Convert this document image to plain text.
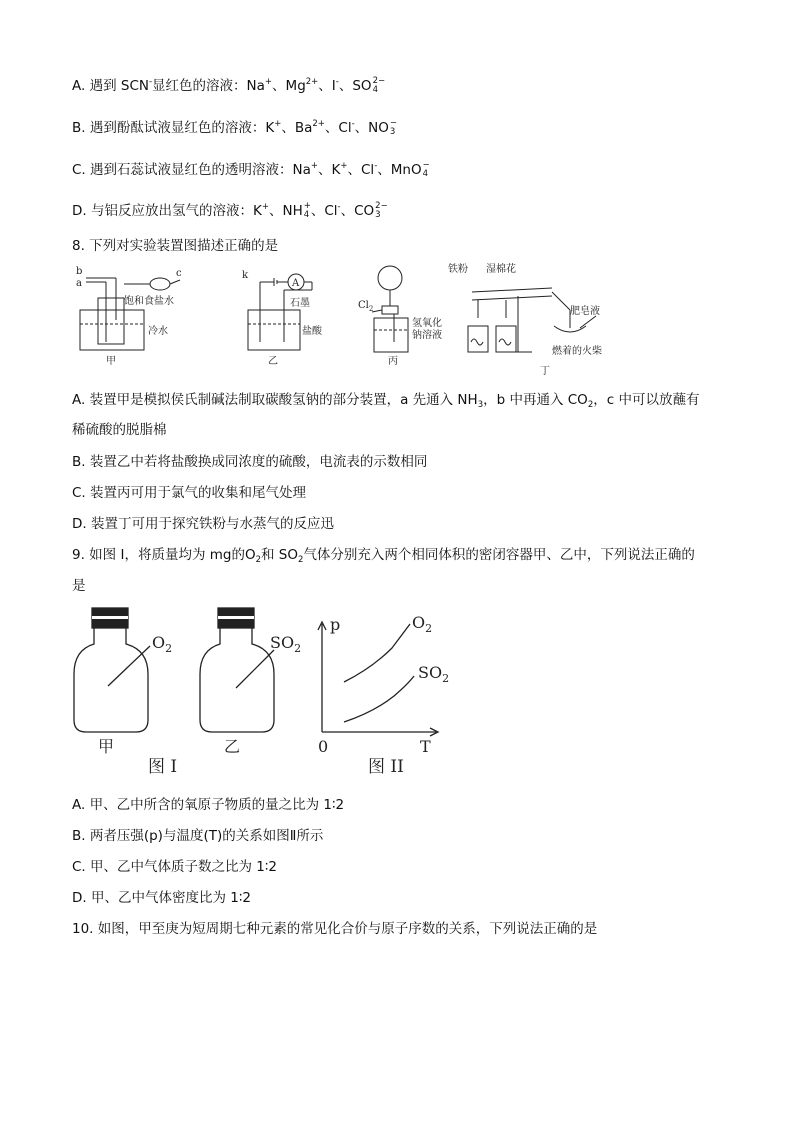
A. 遇到 SCN-显红色的溶液：Na+、$Mg^{2+}$、I-、SO 2−
4
B. 遇到酚酞试液显红色的溶液：K+、$Ba^{2+}$、Cl-、NO −
3
C. 遇到石蕊试液显红色的透明溶液：Na+、K+、Cl-、MnO −
4
D. 与铝反应放出氢气的溶液：K+、NH +
4 、Cl-、CO 2−
3
8. 下列对实验装置图描述正确的是
b
a
c
饱和食盐水
冷水
甲
A
k
石墨
盐酸
乙
$Cl_2$
氢氧化
钠溶液
丙
铁粉 湿棉花
肥皂液
燃着的火柴
丁
A. 装置甲是模拟侯氏制碱法制取碳酸氢钠的部分装置，a 先通入 $NH_3$，b 中再通入 $CO_2$，c 中可以放蘸有
稀硫酸的脱脂棉
B. 装置乙中若将盐酸换成同浓度的硫酸，电流表的示数相同
C. 装置丙可用于氯气的收集和尾气处理
D. 装置丁可用于探究铁粉与水蒸气的反应迅
9. 如图 I，将质量均为 mg的$O_2$和 $SO_2$气体分别充入两个相同体积的密闭容器甲、乙中，下列说法正确的
是
$O_2$
甲
$SO_2$
乙
图 I
p
T
0
$O_2$
$SO_2$
图 II
A. 甲、乙中所含的氧原子物质的量之比为 1∶2
B. 两者压强(p)与温度(T)的关系如图Ⅱ所示
C. 甲、乙中气体质子数之比为 1∶2
D. 甲、乙中气体密度比为 1∶2
10. 如图，甲至庚为短周期七种元素的常见化合价与原子序数的关系，下列说法正确的是
